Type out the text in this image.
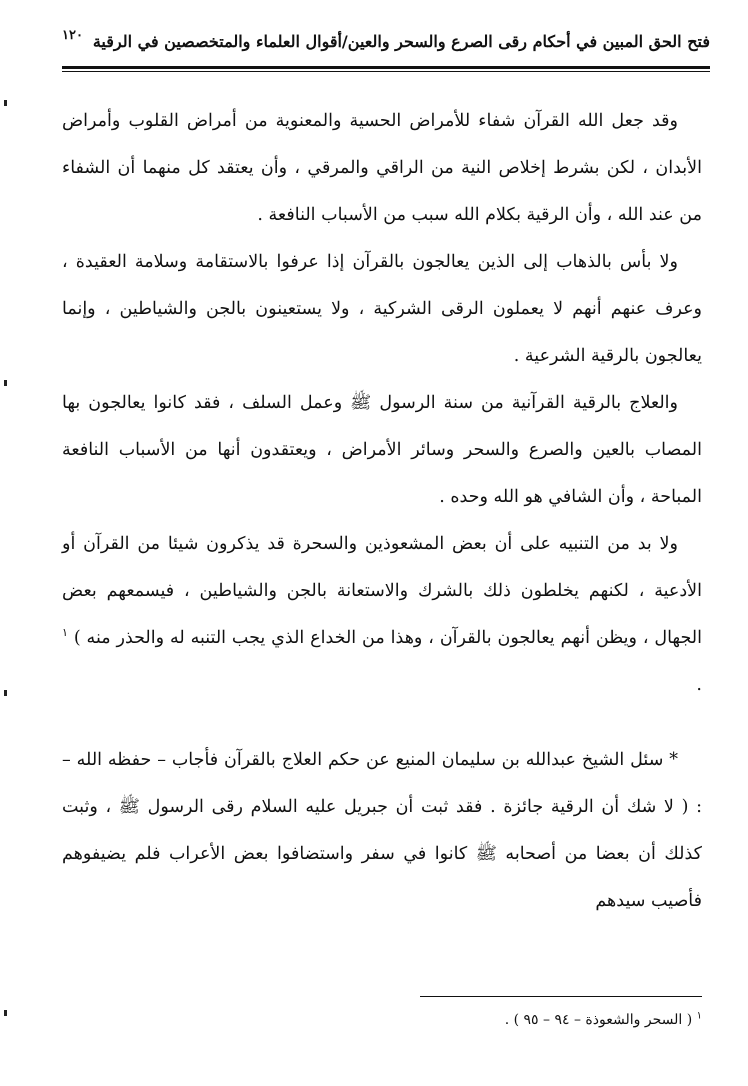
فتح الحق المبين في أحكام رقى الصرع والسحر والعين/أقوال العلماء والمتخصصين في الرقية
١٢٠

وقد جعل الله القرآن شفاء للأمراض الحسية والمعنوية من أمراض القلوب وأمراض الأبدان ، لكن بشرط إخلاص النية من الراقي والمرقي ، وأن يعتقد كل منهما أن الشفاء من عند الله ، وأن الرقية بكلام الله سبب من الأسباب النافعة .

ولا بأس بالذهاب إلى الذين يعالجون بالقرآن إذا عرفوا بالاستقامة وسلامة العقيدة ، وعرف عنهم أنهم لا يعملون الرقى الشركية ، ولا يستعينون بالجن والشياطين ، وإنما يعالجون بالرقية الشرعية .

والعلاج بالرقية القرآنية من سنة الرسول ﷺ وعمل السلف ، فقد كانوا يعالجون بها المصاب بالعين والصرع والسحر وسائر الأمراض ، ويعتقدون أنها من الأسباب النافعة المباحة ، وأن الشافي هو الله وحده .

ولا بد من التنبيه على أن بعض المشعوذين والسحرة قد يذكرون شيئا من القرآن أو الأدعية ، لكنهم يخلطون ذلك بالشرك والاستعانة بالجن والشياطين ، فيسمعهم بعض الجهال ، ويظن أنهم يعالجون بالقرآن ، وهذا من الخداع الذي يجب التنبه له والحذر منه ) $^١$ .

* سئل الشيخ عبدالله بن سليمان المنيع عن حكم العلاج بالقرآن فأجاب – حفظه الله – : ( لا شك أن الرقية جائزة . فقد ثبت أن جبريل عليه السلام رقى الرسول ﷺ ، وثبت كذلك أن بعضا من أصحابه ﷺ كانوا في سفر واستضافوا بعض الأعراب فلم يضيفوهم فأصيب سيدهم

$^١$ ( السحر والشعوذة – ٩٤ – ٩٥ ) .
